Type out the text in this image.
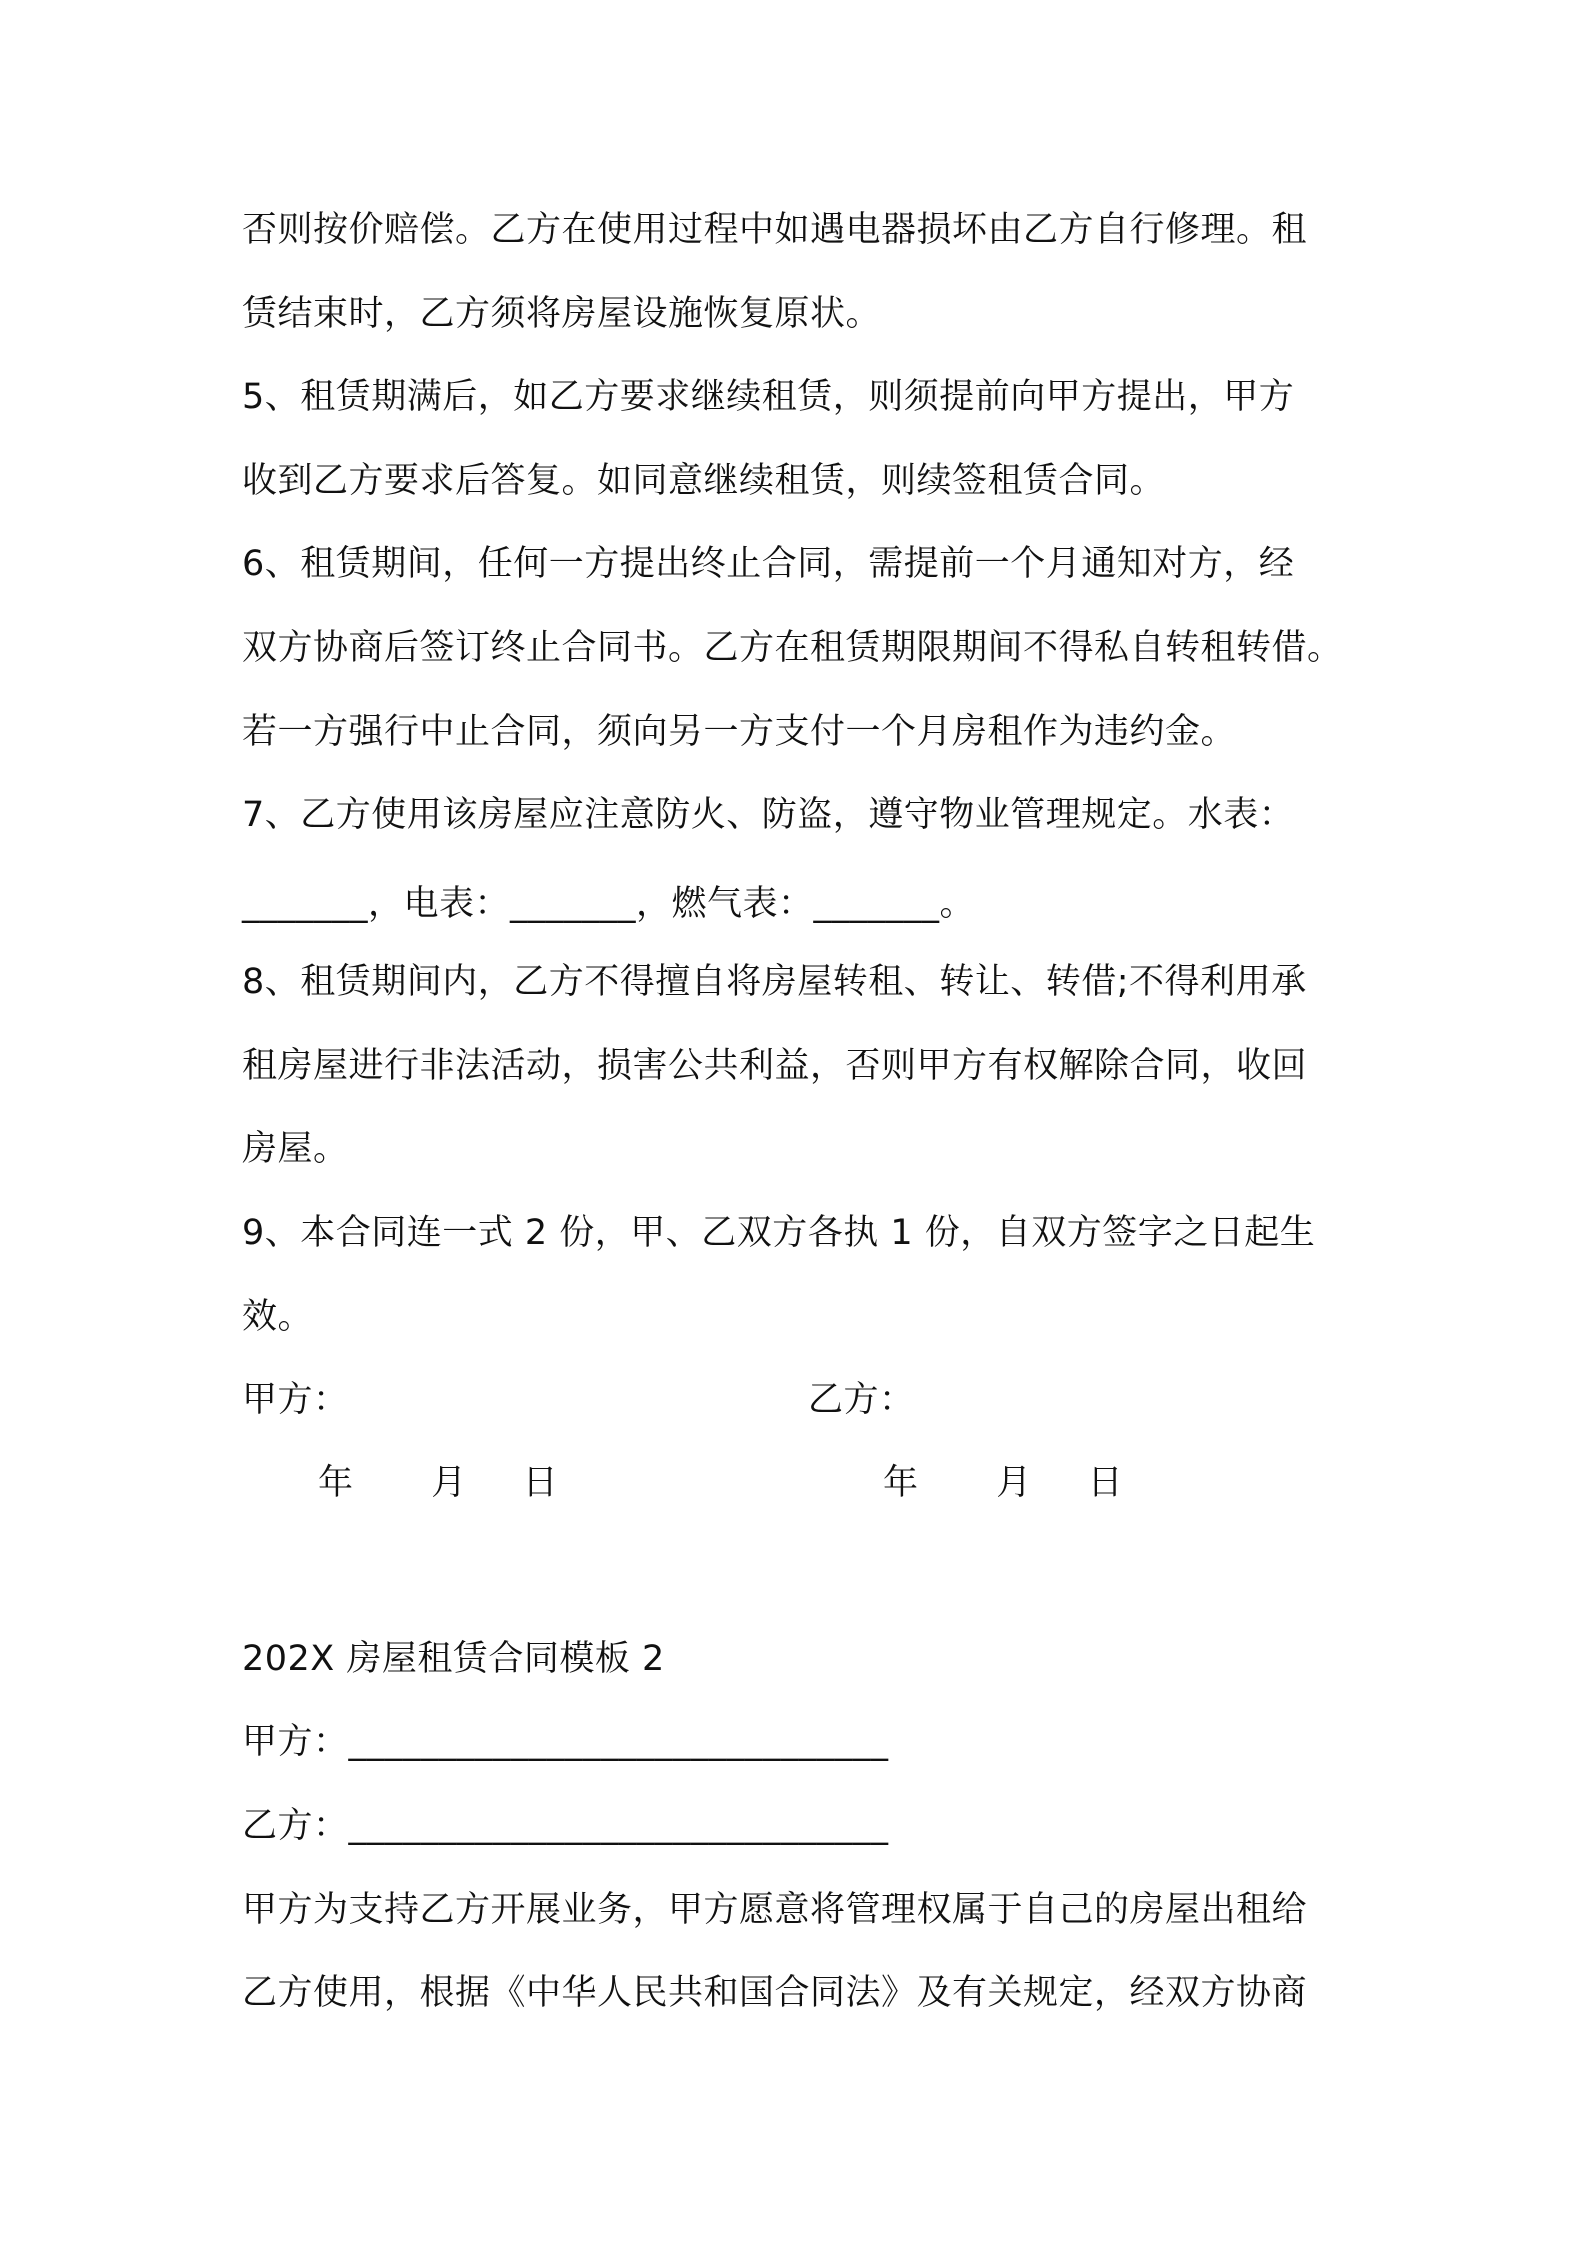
否则按价赔偿。乙方在使用过程中如遇电器损坏由乙方自行修理。租
赁结束时，乙方须将房屋设施恢复原状。
5、租赁期满后，如乙方要求继续租赁，则须提前向甲方提出，甲方
收到乙方要求后答复。如同意继续租赁，则续签租赁合同。
6、租赁期间，任何一方提出终止合同，需提前一个月通知对方，经
双方协商后签订终止合同书。乙方在租赁期限期间不得私自转租转借。
若一方强行中止合同，须向另一方支付一个月房租作为违约金。
7、乙方使用该房屋应注意防火、防盗，遵守物业管理规定。水表：
_______，电表：_______，燃气表：_______。
8、租赁期间内，乙方不得擅自将房屋转租、转让、转借;不得利用承
租房屋进行非法活动，损害公共利益，否则甲方有权解除合同，收回
房屋。
9、本合同连一式 2 份，甲、乙双方各执 1 份，自双方签字之日起生
效。
甲方：	乙方：
年 月 日	年 月 日
202X 房屋租赁合同模板 2
甲方：______________________________
乙方：______________________________
甲方为支持乙方开展业务，甲方愿意将管理权属于自己的房屋出租给
乙方使用，根据《中华人民共和国合同法》及有关规定，经双方协商
